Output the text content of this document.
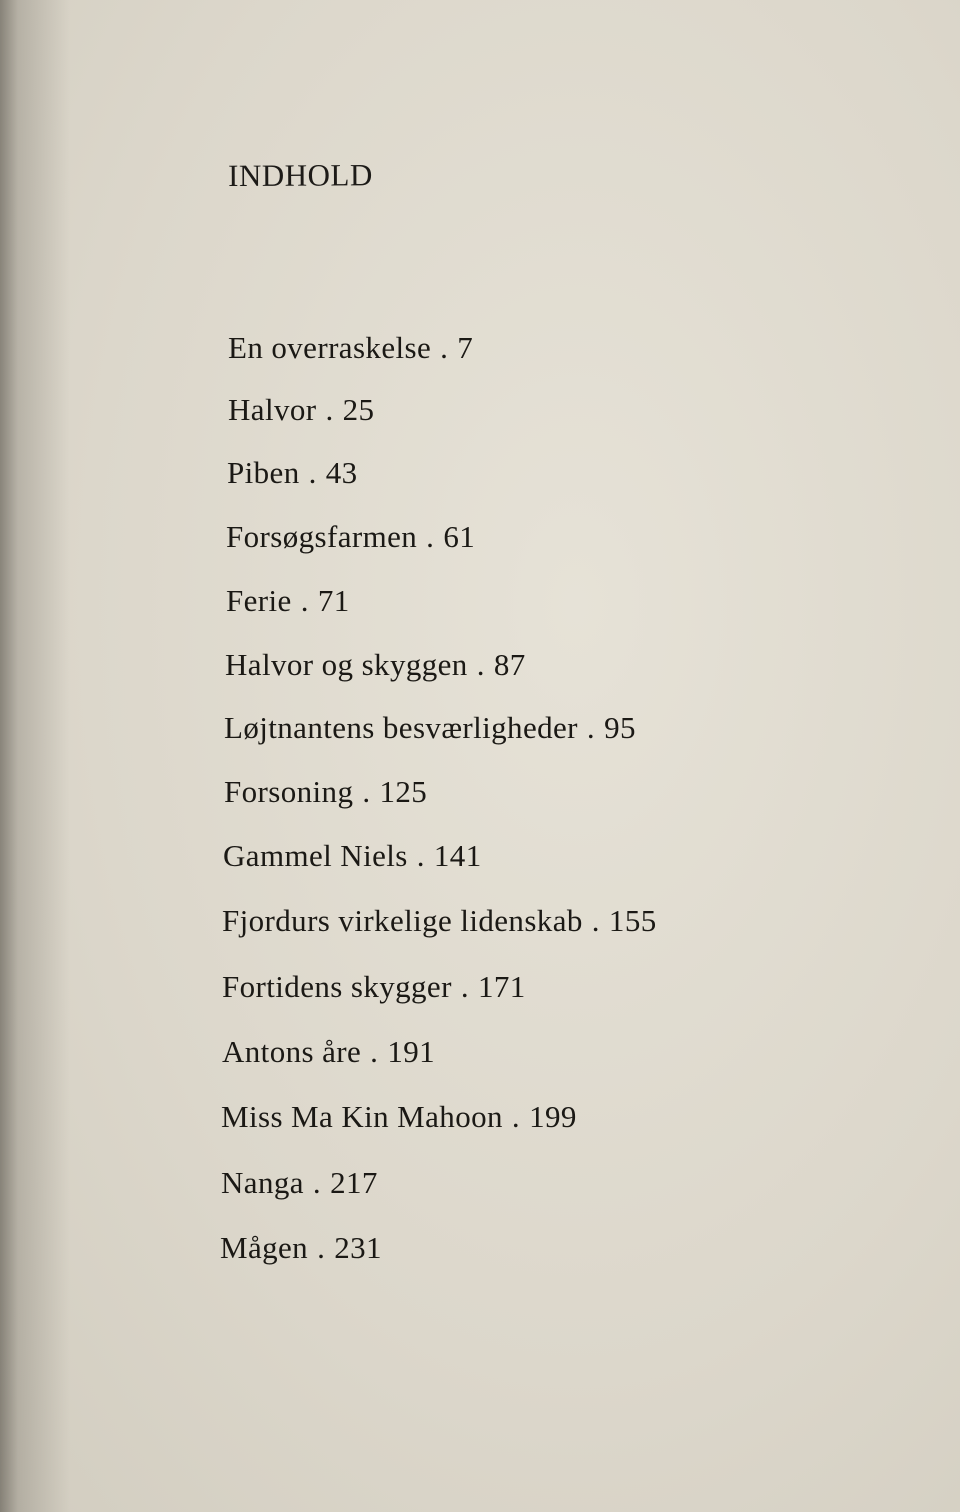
INDHOLD
En overraskelse . 7
Halvor . 25
Piben . 43
Forsøgsfarmen . 61
Ferie . 71
Halvor og skyggen . 87
Løjtnantens besværligheder . 95
Forsoning . 125
Gammel Niels . 141
Fjordurs virkelige lidenskab . 155
Fortidens skygger . 171
Antons åre . 191
Miss Ma Kin Mahoon . 199
Nanga . 217
Mågen . 231
